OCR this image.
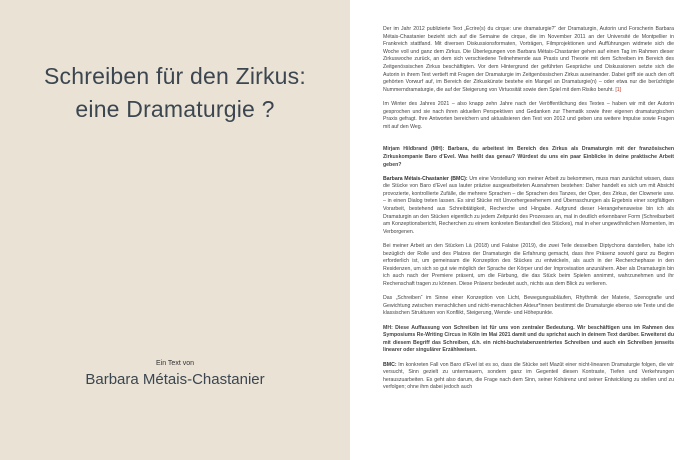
Schreiben für den Zirkus:
eine Dramaturgie ?
Ein Text von
Barbara Métais-Chastanier

Der im Jahr 2012 publizierte Text „Écrire(s) du cirque: une dramaturgie?“ der Dramaturgin, Autorin und Forscherin Barbara Métais-Chastanier bezieht sich auf die Semaine de cirque, die im November 2011 an der Université de Montpellier in Frankreich stattfand. Mit diversen Diskussionsformaten, Vorträgen, Filmprojektionen und Aufführungen widmete sich die Woche voll und ganz dem Zirkus. Die Überlegungen von Barbara Métais-Chastanier gehen auf einen Tag im Rahmen dieser Zirkuswoche zurück, an dem sich verschiedene Teilnehmende aus Praxis und Theorie mit dem Schreiben im Bereich des Zeitgenössischen Zirkus beschäftigten. Vor dem Hintergrund der geführten Gespräche und Diskussionen setzte sich die Autorin in ihrem Text vertieft mit Fragen der Dramaturgie im Zeitgenössischen Zirkus auseinander. Dabei griff sie auch den oft gehörten Vorwurf auf, im Bereich der Zirkuskünste bestehe ein Mangel an Dramaturgie(n) – oder etwa nur die berüchtigte Nummerndramaturgie, die auf der Steigerung von Virtuosität sowie dem Spiel mit dem Risiko beruht. [1]

Im Winter des Jahres 2021 – also knapp zehn Jahre nach der Veröffentlichung des Textes – haben wir mit der Autorin gesprochen und sie nach ihren aktuellen Perspektiven und Gedanken zur Thematik sowie ihrer eigenen dramaturgischen Praxis gefragt. Ihre Antworten bereichern und aktualisieren den Text von 2012 und geben uns weitere Impulse sowie Fragen mit auf den Weg.

Mirjam Hildbrand (MH): Barbara, du arbeitest im Bereich des Zirkus als Dramaturgin mit der französischen Zirkuskompanie Baro d’Evel. Was heißt das genau? Würdest du uns ein paar Einblicke in deine praktische Arbeit geben?

Barbara Métais-Chastanier (BMC): Um eine Vorstellung von meiner Arbeit zu bekommen, muss man zunächst wissen, dass die Stücke von Baro d’Evel aus lauter präzise ausgearbeiteten Ausnahmen bestehen: Daher handelt es sich um mit Absicht provozierte, kontrollierte Zufälle, die mehrere Sprachen – die Sprachen des Tanzes, der Oper, des Zirkus, der Clownerie usw. – in einen Dialog treten lassen. Es sind Stücke mit Unvorhergesehenem und Überraschungen als Ergebnis einer sorgfältigen Vorarbeit, bestehend aus Schreibtätigkeit, Recherche und Hingabe. Aufgrund dieser Herangehensweise bin ich als Dramaturgin an den Stücken eigentlich zu jedem Zeitpunkt des Prozesses an, mal in deutlich erkennbarer Form (Schreibarbeit am Konzeptionsbericht, Recherchen zu einem konkreten Bestandteil des Stückes), mal in eher ungewöhnlichen Momenten, im Verborgenen.

Bei meiner Arbeit an den Stücken Là (2018) und Falaise (2019), die zwei Teile desselben Diptychons darstellen, habe ich bezüglich der Rolle und des Platzes der Dramaturgin die Erfahrung gemacht, dass ihre Präsenz sowohl ganz zu Beginn erforderlich ist, um gemeinsam die Konzeption des Stückes zu entwickeln, als auch in der Recherchephase in den Residenzen, um sich so gut wie möglich der Sprache der Körper und der Improvisation anzunähern. Aber als Dramaturgin bin ich auch nach der Premiere präsent, um die Färbung, die das Stück beim Spielen annimmt, wahrzunehmen und ihr Rechenschaft tragen zu können. Diese Präsenz bedeutet auch, nichts aus dem Blick zu verlieren.

Das „Schreiben“ im Sinne einer Konzeption von Licht, Bewegungsabläufen, Rhythmik der Materie, Szenografie und Gewichtung zwischen menschlichen und nicht-menschlichen Akteur*innen bestimmt die Dramaturgie ebenso wie Texte und die klassischen Strukturen von Konflikt, Steigerung, Wende- und Höhepunkte.

MH: Diese Auffassung von Schreiben ist für uns von zentraler Bedeutung. Wir beschäftigen uns im Rahmen des Symposiums Re-Writing Circus in Köln im Mai 2021 damit und du sprichst auch in deinem Text darüber. Erweiterst du mit diesem Begriff das Schreiben, d.h. ein nicht-buchstabenzentriertes Schreiben und auch ein Schreiben jenseits linearer oder singulärer Erzählweisen.

BMC: Im konkreten Fall von Baro d’Evel ist es so, dass die Stücke seit Mazût einer nicht-linearen Dramaturgie folgen, die wir versucht, Sinn gezielt zu untermauern, sondern ganz im Gegenteil diesen Kontraste, Tiefen und Verkehrungen herauszuarbeiten. Es geht also darum, die Frage nach dem Sinn, seiner Kohärenz und seiner Entwicklung zu stellen und zu verfolgen; ohne ihm dabei jedoch auch
